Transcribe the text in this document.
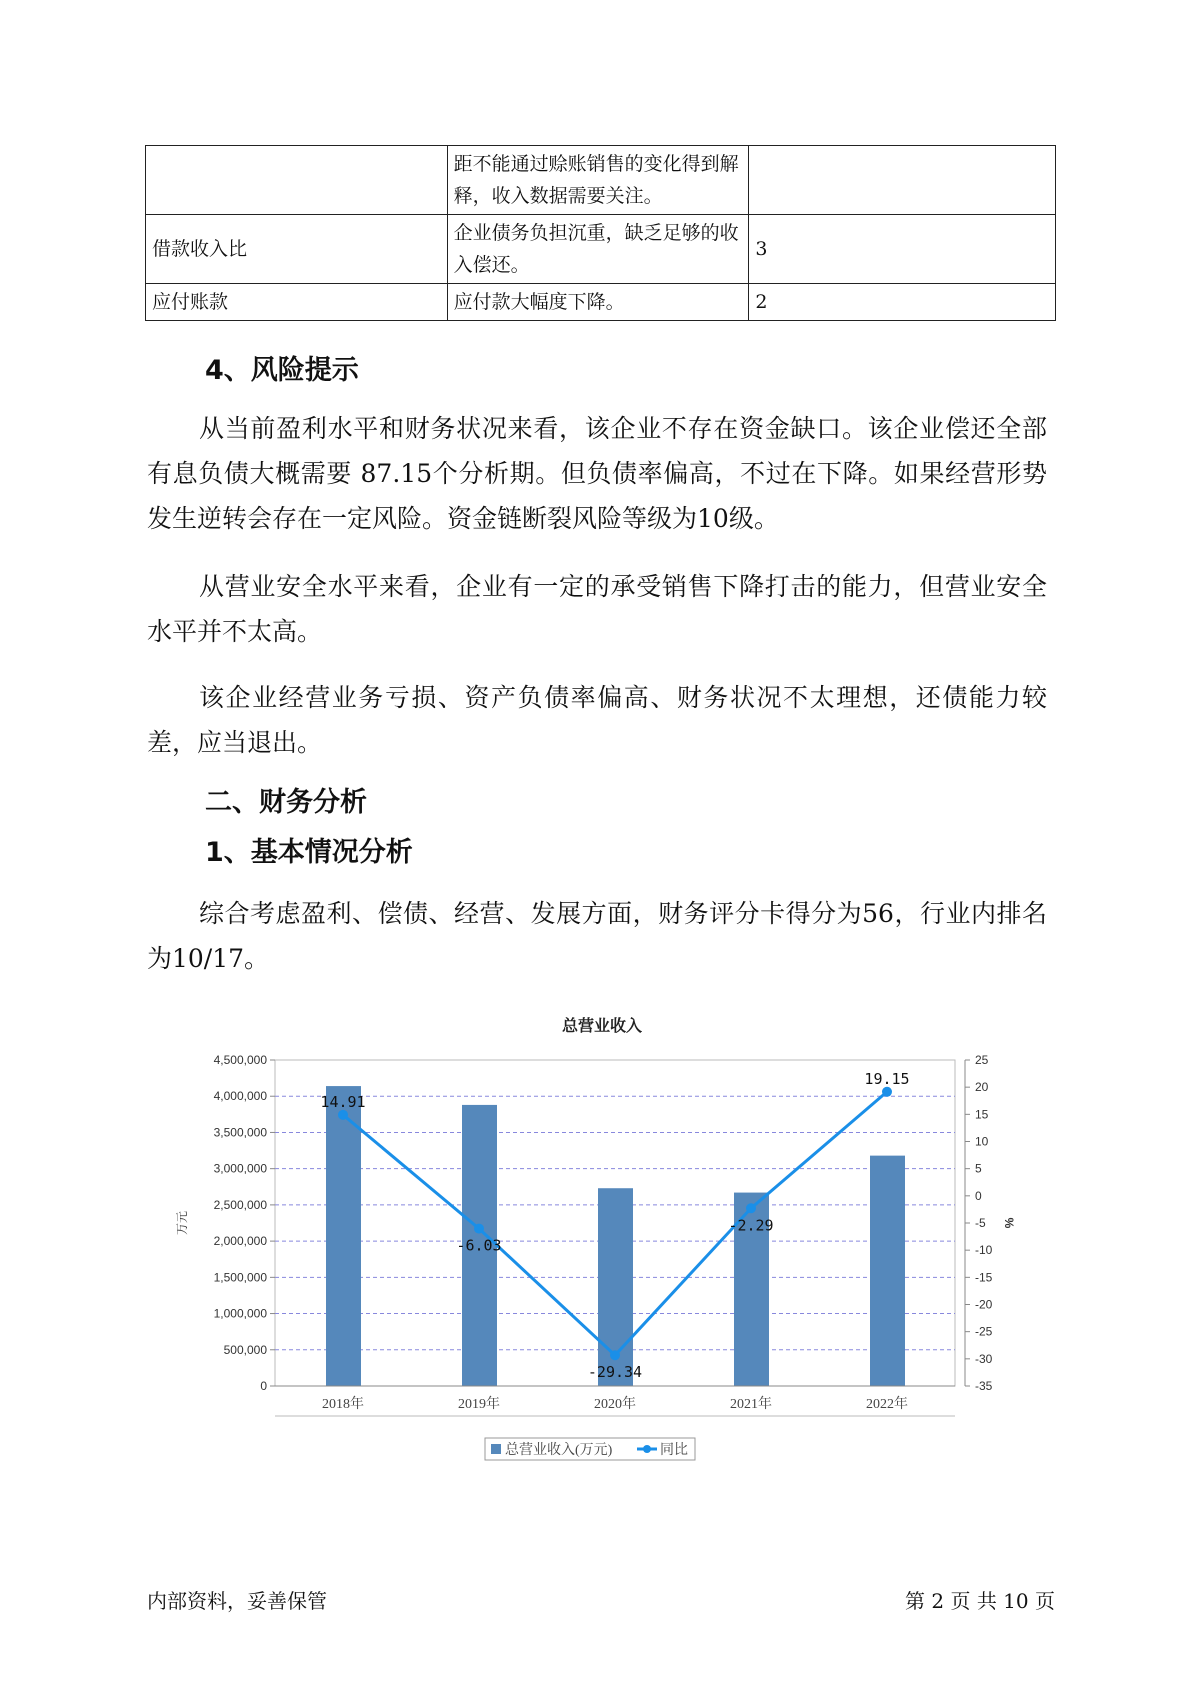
	距不能通过赊账销售的变化得到解释，收入数据需要关注。	
借款收入比	企业债务负担沉重，缺乏足够的收入偿还。	3
应付账款	应付款大幅度下降。	2
4、风险提示

从当前盈利水平和财务状况来看，该企业不存在资金缺口。该企业偿还全部有息负债大概需要 87.15个分析期。但负债率偏高，不过在下降。如果经营形势发生逆转会存在一定风险。资金链断裂风险等级为10级。

从营业安全水平来看，企业有一定的承受销售下降打击的能力，但营业安全水平并不太高。

该企业经营业务亏损、资产负债率偏高、财务状况不太理想，还债能力较差，应当退出。

二、财务分析
1、基本情况分析

综合考虑盈利、偿债、经营、发展方面，财务评分卡得分为56，行业内排名为10/17。

总营业收入
4,500,000
4,000,000
3,500,000
3,000,000
2,500,000
2,000,000
1,500,000
1,000,000
500,000
0
25
20
15
10
5
0
-5
-10
-15
-20
-25
-30
-35
万元	%
2018年	2019年	2020年	2021年	2022年
14.91
-6.03
-29.34
-2.29
19.15
总营业收入(万元)	同比
内部资料，妥善保管	第 2 页 共 10 页
